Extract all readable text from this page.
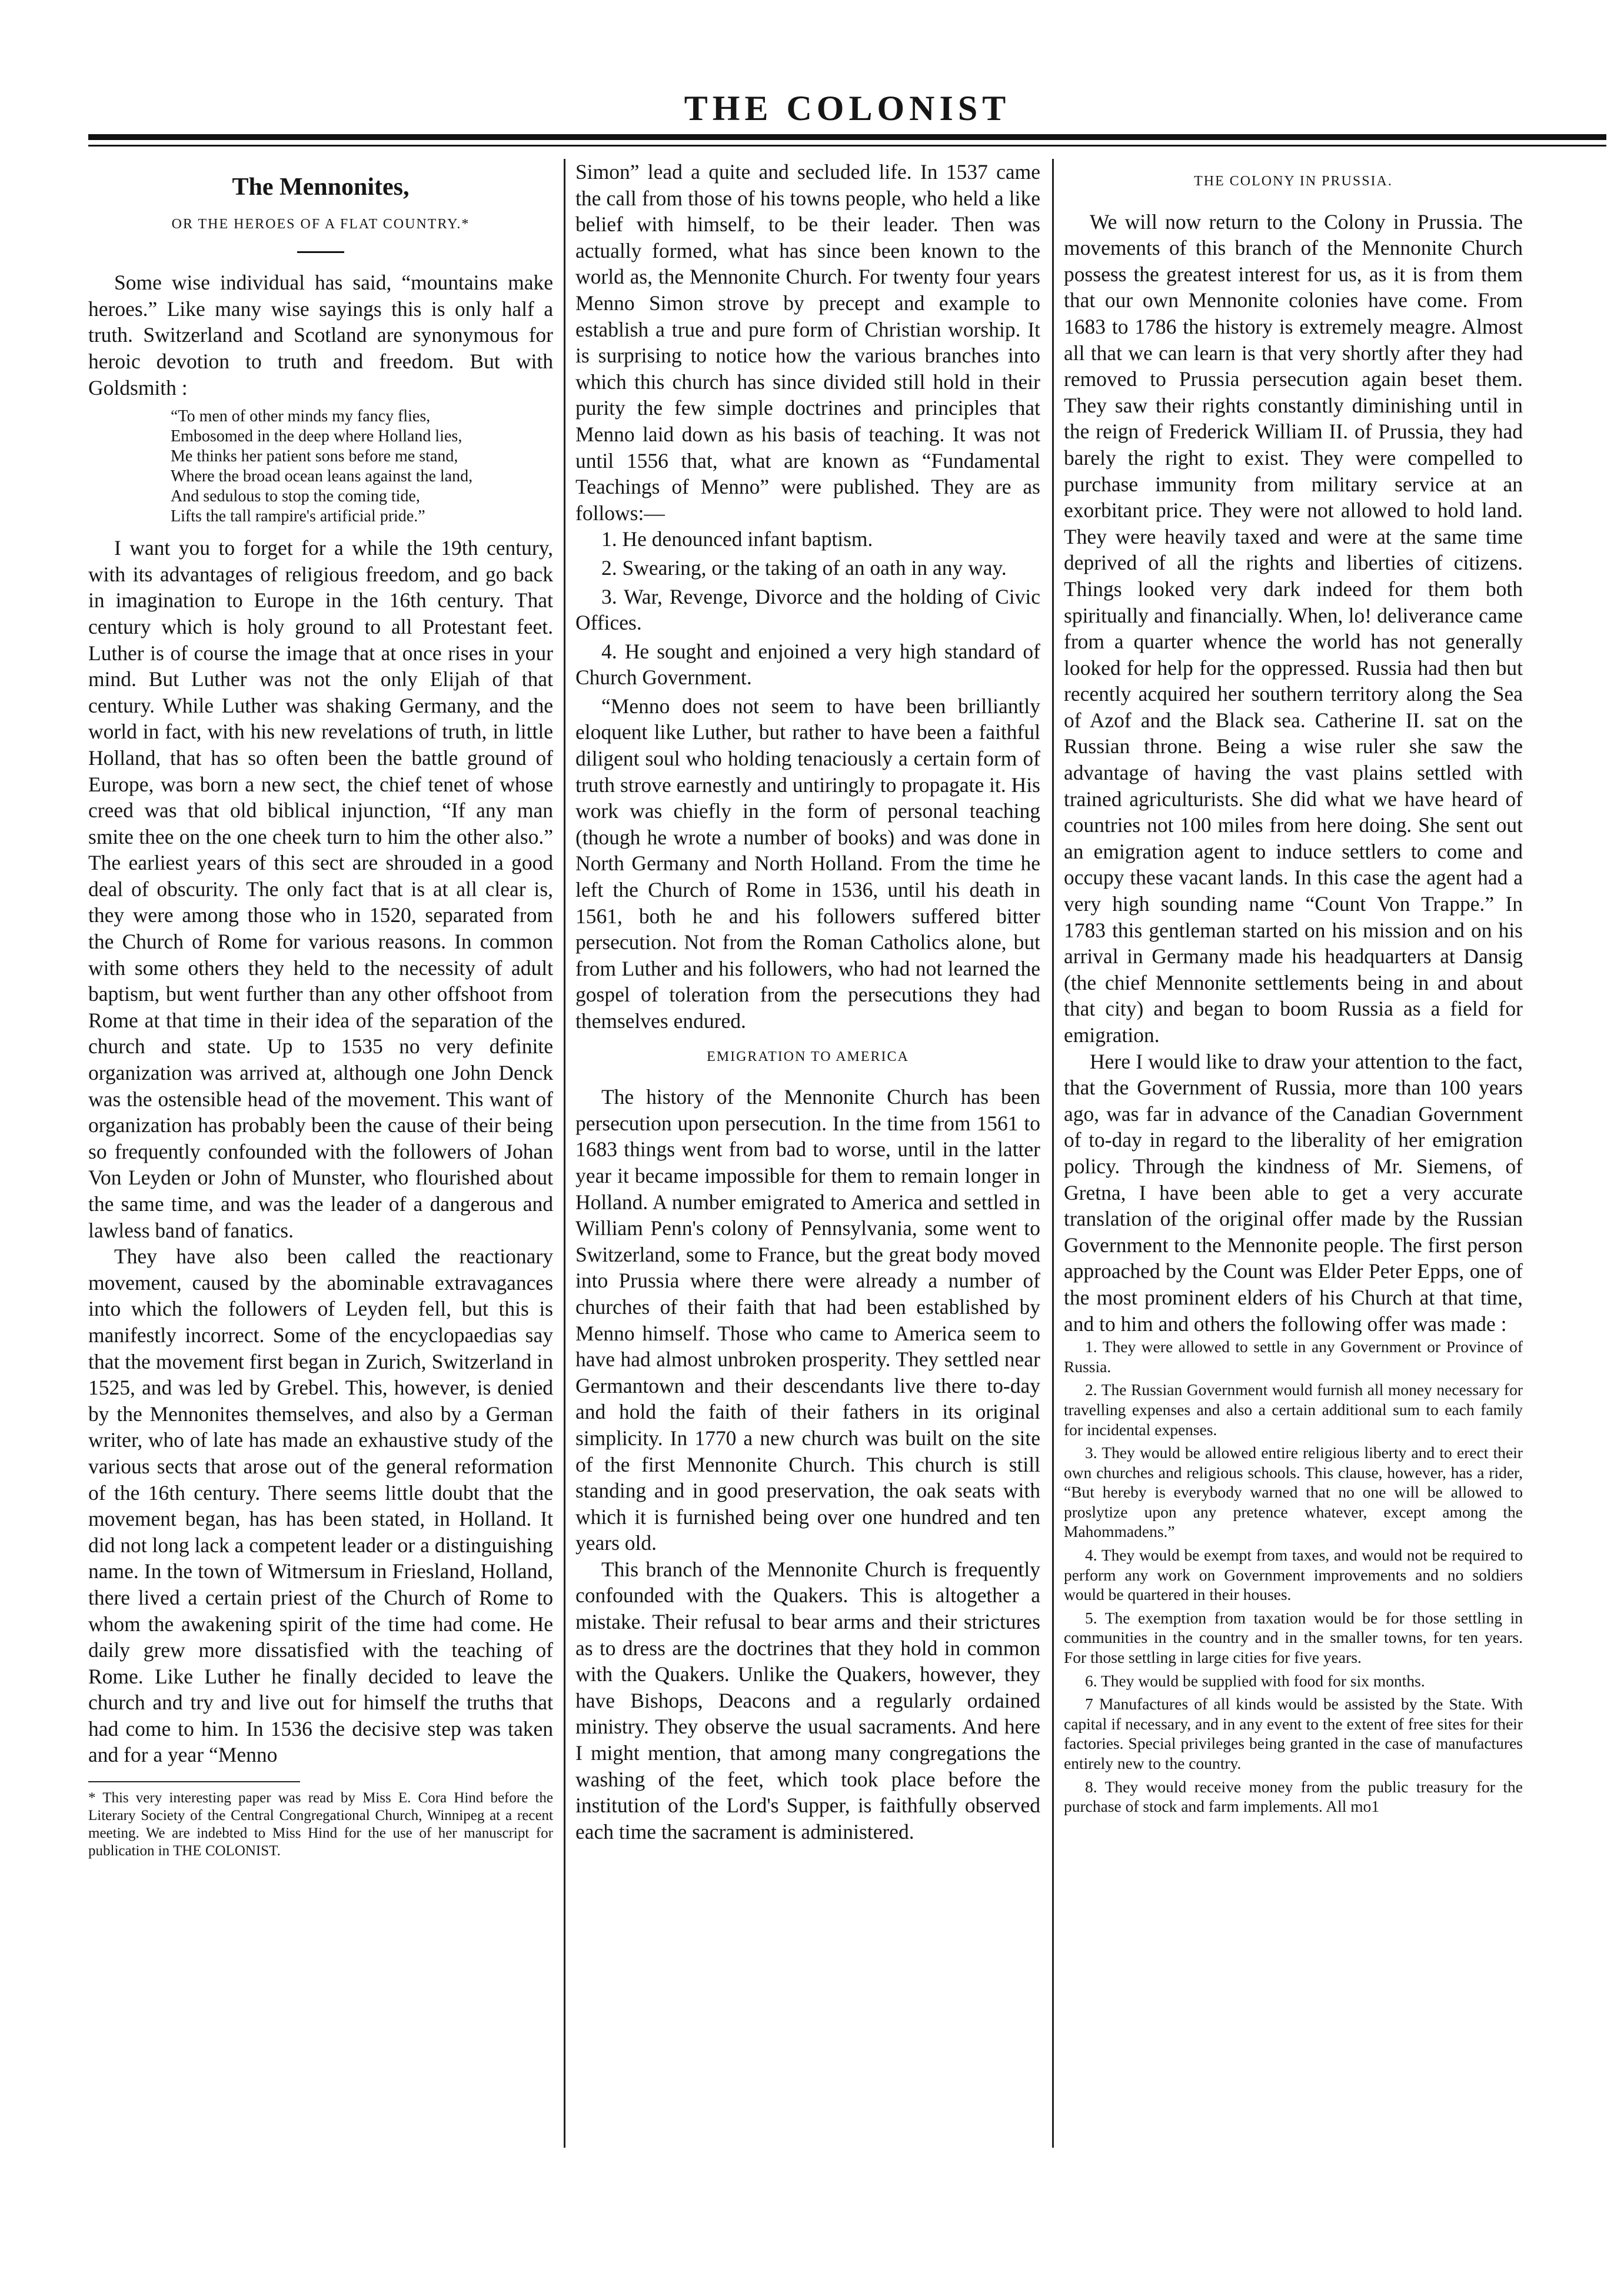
THE COLONIST
The Mennonites,
OR THE HEROES OF A FLAT COUNTRY.*

Some wise individual has said, “mountains make heroes.” Like many wise sayings this is only half a truth. Switzerland and Scotland are synonymous for heroic devotion to truth and freedom. But with Goldsmith :

“To men of other minds my fancy flies,
Embosomed in the deep where Holland lies,
Me thinks her patient sons before me stand,
Where the broad ocean leans against the land,
And sedulous to stop the coming tide,
Lifts the tall rampire's artificial pride.”

I want you to forget for a while the 19th century, with its advantages of religious freedom, and go back in imagination to Europe in the 16th century. That century which is holy ground to all Protestant feet. Luther is of course the image that at once rises in your mind. But Luther was not the only Elijah of that century. While Luther was shaking Germany, and the world in fact, with his new revelations of truth, in little Holland, that has so often been the battle ground of Europe, was born a new sect, the chief tenet of whose creed was that old biblical injunction, “If any man smite thee on the one cheek turn to him the other also.” The earliest years of this sect are shrouded in a good deal of obscurity. The only fact that is at all clear is, they were among those who in 1520, separated from the Church of Rome for various reasons. In common with some others they held to the necessity of adult baptism, but went further than any other offshoot from Rome at that time in their idea of the separation of the church and state. Up to 1535 no very definite organization was arrived at, although one John Denck was the ostensible head of the movement. This want of organization has probably been the cause of their being so frequently confounded with the followers of Johan Von Leyden or John of Munster, who flourished about the same time, and was the leader of a dangerous and lawless band of fanatics.

They have also been called the reactionary movement, caused by the abominable extravagances into which the followers of Leyden fell, but this is manifestly incorrect. Some of the encyclopaedias say that the movement first began in Zurich, Switzerland in 1525, and was led by Grebel. This, however, is denied by the Mennonites themselves, and also by a German writer, who of late has made an exhaustive study of the various sects that arose out of the general reformation of the 16th century. There seems little doubt that the movement began, has has been stated, in Holland. It did not long lack a competent leader or a distinguishing name. In the town of Witmersum in Friesland, Holland, there lived a certain priest of the Church of Rome to whom the awakening spirit of the time had come. He daily grew more dissatisfied with the teaching of Rome. Like Luther he finally decided to leave the church and try and live out for himself the truths that had come to him. In 1536 the decisive step was taken and for a year “Menno

* This very interesting paper was read by Miss E. Cora Hind before the Literary Society of the Central Congregational Church, Winnipeg at a recent meeting. We are indebted to Miss Hind for the use of her manuscript for publication in THE COLONIST.

Simon” lead a quite and secluded life. In 1537 came the call from those of his towns people, who held a like belief with himself, to be their leader. Then was actually formed, what has since been known to the world as, the Mennonite Church. For twenty four years Menno Simon strove by precept and example to establish a true and pure form of Christian worship. It is surprising to notice how the various branches into which this church has since divided still hold in their purity the few simple doctrines and principles that Menno laid down as his basis of teaching. It was not until 1556 that, what are known as “Fundamental Teachings of Menno” were published. They are as follows:—

1. He denounced infant baptism.

2. Swearing, or the taking of an oath in any way.

3. War, Revenge, Divorce and the holding of Civic Offices.

4. He sought and enjoined a very high standard of Church Government.

“Menno does not seem to have been brilliantly eloquent like Luther, but rather to have been a faithful diligent soul who holding tenaciously a certain form of truth strove earnestly and untiringly to propagate it. His work was chiefly in the form of personal teaching (though he wrote a number of books) and was done in North Germany and North Holland. From the time he left the Church of Rome in 1536, until his death in 1561, both he and his followers suffered bitter persecution. Not from the Roman Catholics alone, but from Luther and his followers, who had not learned the gospel of toleration from the persecutions they had themselves endured.

EMIGRATION TO AMERICA

The history of the Mennonite Church has been persecution upon persecution. In the time from 1561 to 1683 things went from bad to worse, until in the latter year it became impossible for them to remain longer in Holland. A number emigrated to America and settled in William Penn's colony of Pennsylvania, some went to Switzerland, some to France, but the great body moved into Prussia where there were already a number of churches of their faith that had been established by Menno himself. Those who came to America seem to have had almost unbroken prosperity. They settled near Germantown and their descendants live there to-day and hold the faith of their fathers in its original simplicity. In 1770 a new church was built on the site of the first Mennonite Church. This church is still standing and in good preservation, the oak seats with which it is furnished being over one hundred and ten years old.

This branch of the Mennonite Church is frequently confounded with the Quakers. This is altogether a mistake. Their refusal to bear arms and their strictures as to dress are the doctrines that they hold in common with the Quakers. Unlike the Quakers, however, they have Bishops, Deacons and a regularly ordained ministry. They observe the usual sacraments. And here I might mention, that among many congregations the washing of the feet, which took place before the institution of the Lord's Supper, is faithfully observed each time the sacrament is administered.

THE COLONY IN PRUSSIA.

We will now return to the Colony in Prussia. The movements of this branch of the Mennonite Church possess the greatest interest for us, as it is from them that our own Mennonite colonies have come. From 1683 to 1786 the history is extremely meagre. Almost all that we can learn is that very shortly after they had removed to Prussia persecution again beset them. They saw their rights constantly diminishing until in the reign of Frederick William II. of Prussia, they had barely the right to exist. They were compelled to purchase immunity from military service at an exorbitant price. They were not allowed to hold land. They were heavily taxed and were at the same time deprived of all the rights and liberties of citizens. Things looked very dark indeed for them both spiritually and financially. When, lo! deliverance came from a quarter whence the world has not generally looked for help for the oppressed. Russia had then but recently acquired her southern territory along the Sea of Azof and the Black sea. Catherine II. sat on the Russian throne. Being a wise ruler she saw the advantage of having the vast plains settled with trained agriculturists. She did what we have heard of countries not 100 miles from here doing. She sent out an emigration agent to induce settlers to come and occupy these vacant lands. In this case the agent had a very high sounding name “Count Von Trappe.” In 1783 this gentleman started on his mission and on his arrival in Germany made his headquarters at Dansig (the chief Mennonite settlements being in and about that city) and began to boom Russia as a field for emigration.

Here I would like to draw your attention to the fact, that the Government of Russia, more than 100 years ago, was far in advance of the Canadian Government of to-day in regard to the liberality of her emigration policy. Through the kindness of Mr. Siemens, of Gretna, I have been able to get a very accurate translation of the original offer made by the Russian Government to the Mennonite people. The first person approached by the Count was Elder Peter Epps, one of the most prominent elders of his Church at that time, and to him and others the following offer was made :

1. They were allowed to settle in any Government or Province of Russia.

2. The Russian Government would furnish all money necessary for travelling expenses and also a certain additional sum to each family for incidental expenses.

3. They would be allowed entire religious liberty and to erect their own churches and religious schools. This clause, however, has a rider, “But hereby is everybody warned that no one will be allowed to proslytize upon any pretence whatever, except among the Mahommadens.”

4. They would be exempt from taxes, and would not be required to perform any work on Government improvements and no soldiers would be quartered in their houses.

5. The exemption from taxation would be for those settling in communities in the country and in the smaller towns, for ten years. For those settling in large cities for five years.

6. They would be supplied with food for six months.

7 Manufactures of all kinds would be assisted by the State. With capital if necessary, and in any event to the extent of free sites for their factories. Special privileges being granted in the case of manufactures entirely new to the country.

8. They would receive money from the public treasury for the purchase of stock and farm implements. All mo1
